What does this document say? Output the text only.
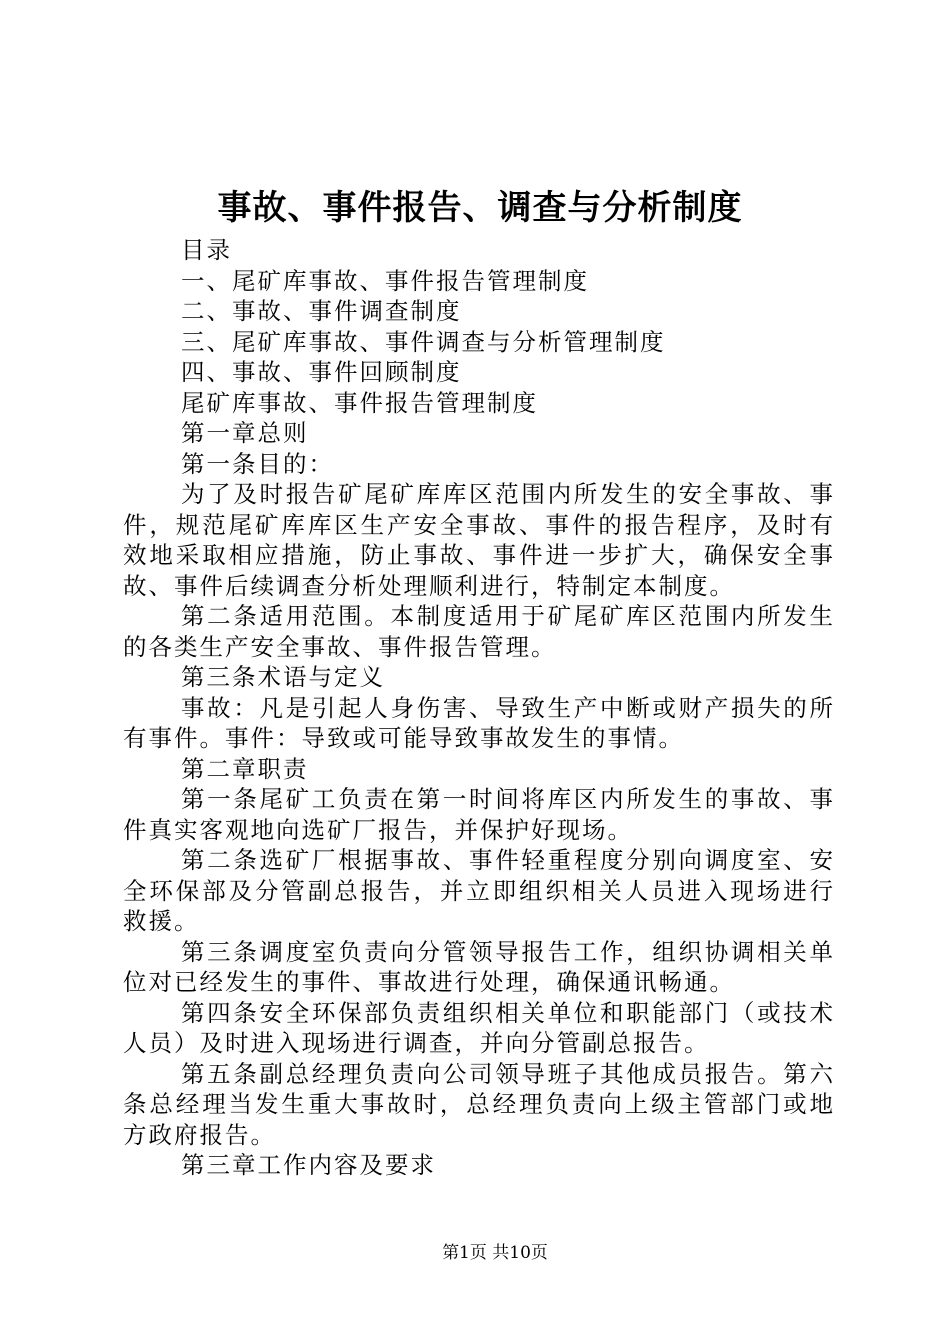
事故、事件报告、调查与分析制度

目录

一、尾矿库事故、事件报告管理制度

二、事故、事件调查制度

三、尾矿库事故、事件调查与分析管理制度

四、事故、事件回顾制度

尾矿库事故、事件报告管理制度

第一章总则

第一条目的：

为了及时报告矿尾矿库库区范围内所发生的安全事故、事件，规范尾矿库库区生产安全事故、事件的报告程序，及时有效地采取相应措施，防止事故、事件进一步扩大，确保安全事故、事件后续调查分析处理顺利进行，特制定本制度。

第二条适用范围。本制度适用于矿尾矿库区范围内所发生的各类生产安全事故、事件报告管理。

第三条术语与定义

事故：凡是引起人身伤害、导致生产中断或财产损失的所有事件。事件：导致或可能导致事故发生的事情。

第二章职责

第一条尾矿工负责在第一时间将库区内所发生的事故、事件真实客观地向选矿厂报告，并保护好现场。

第二条选矿厂根据事故、事件轻重程度分别向调度室、安全环保部及分管副总报告，并立即组织相关人员进入现场进行救援。

第三条调度室负责向分管领导报告工作，组织协调相关单位对已经发生的事件、事故进行处理，确保通讯畅通。

第四条安全环保部负责组织相关单位和职能部门（或技术人员）及时进入现场进行调查，并向分管副总报告。

第五条副总经理负责向公司领导班子其他成员报告。第六条总经理当发生重大事故时，总经理负责向上级主管部门或地方政府报告。

第三章工作内容及要求

第1页 共10页
